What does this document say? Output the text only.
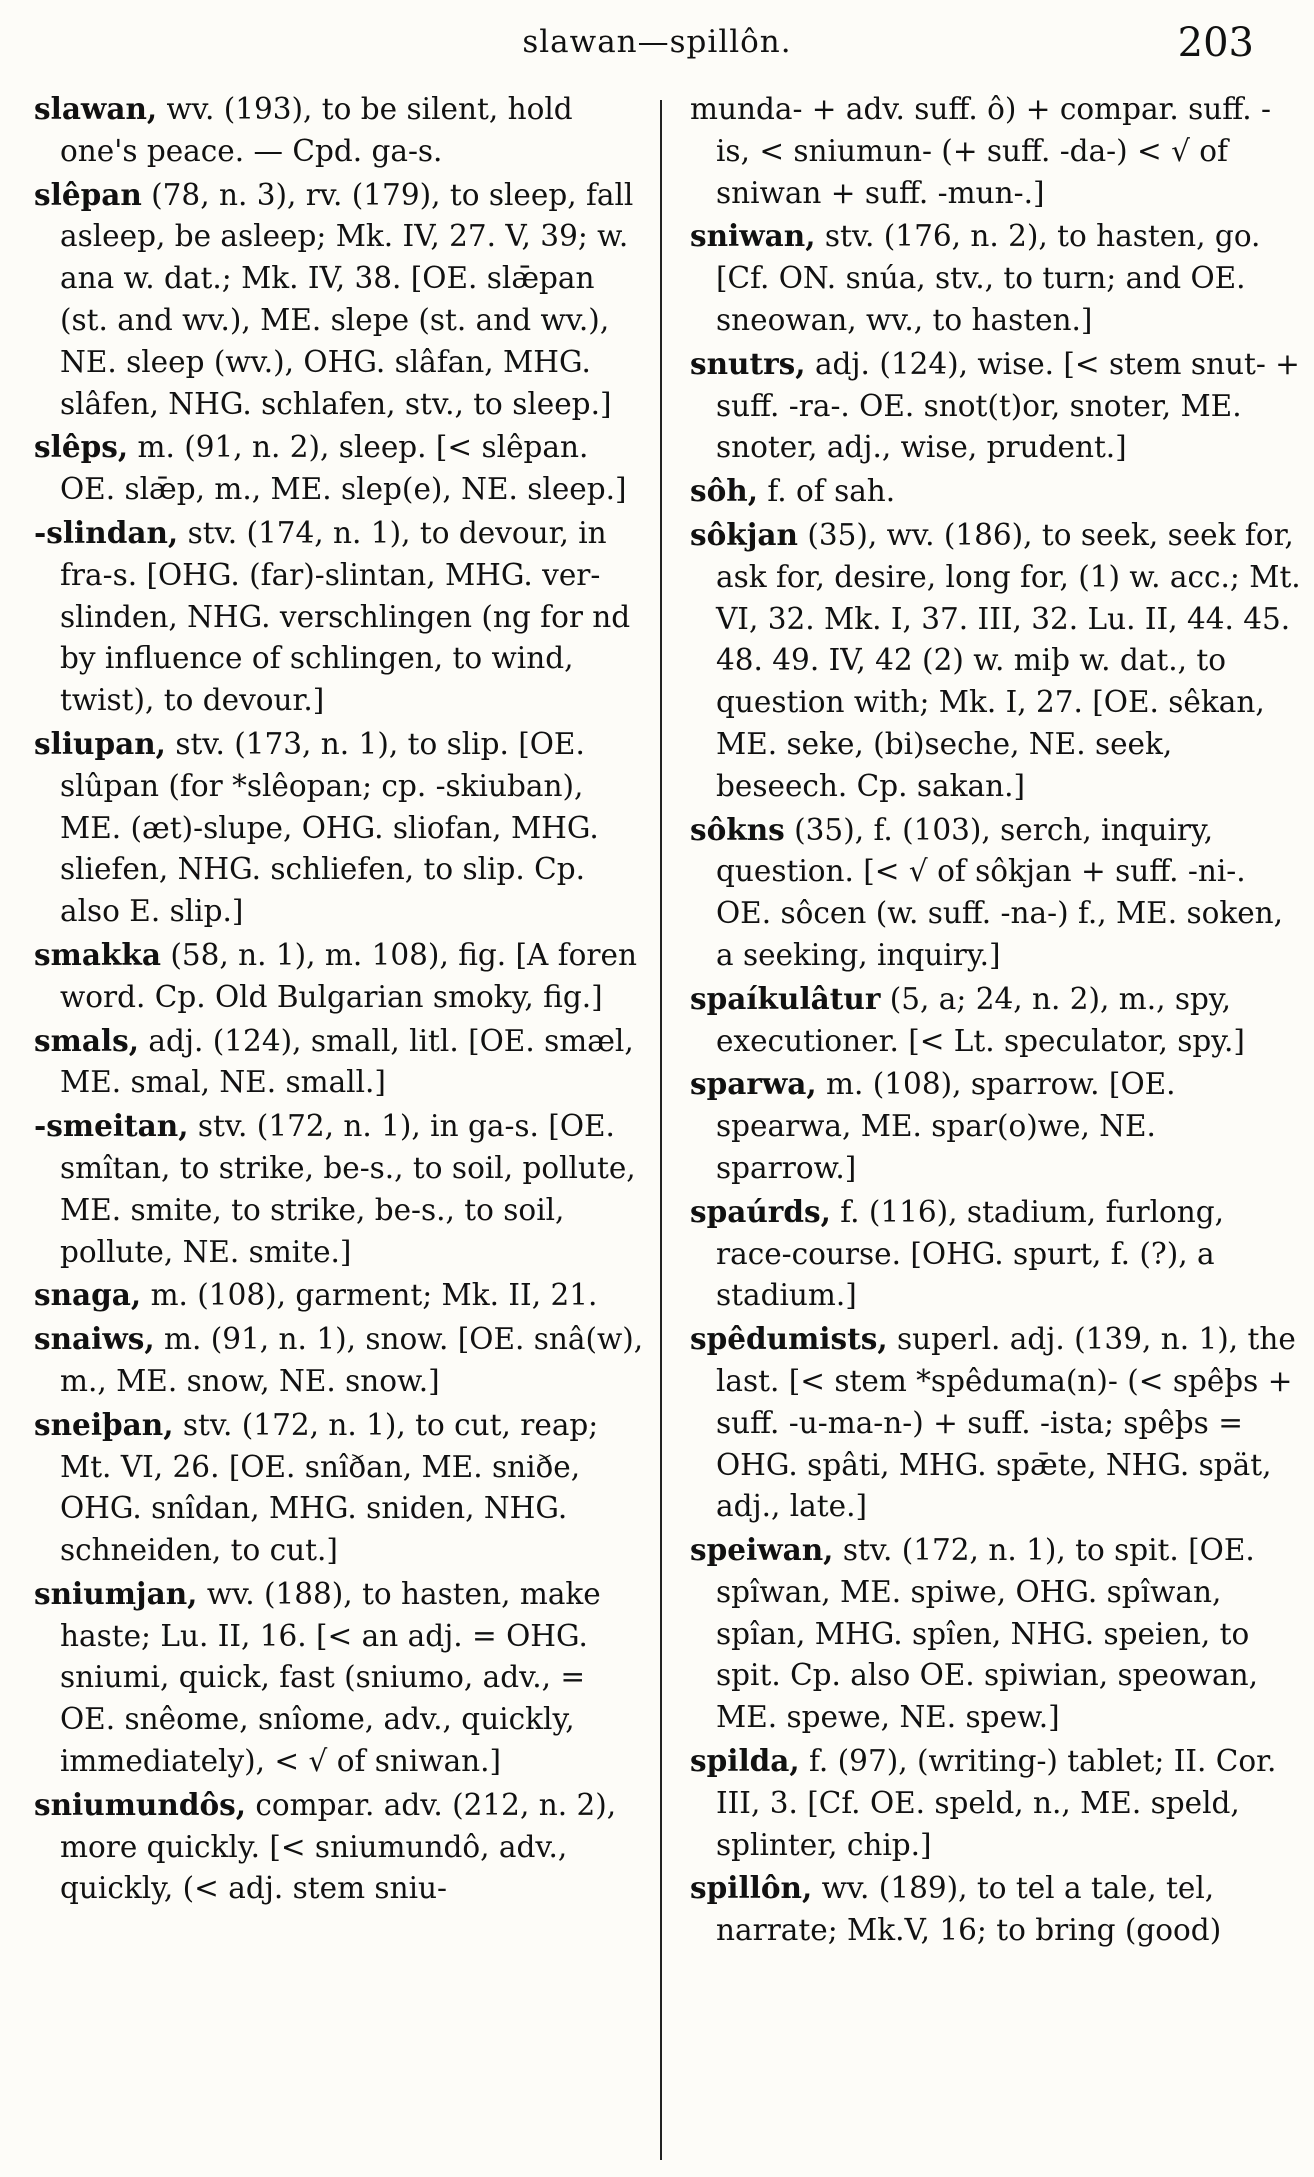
slawan—spillôn.	203

slawan, wv. (193), to be silent, hold one's peace. — Cpd. ga-s.

slêpan (78, n. 3), rv. (179), to sleep, fall asleep, be asleep; Mk. IV, 27. V, 39; w. ana w. dat.; Mk. IV, 38. [OE. slǣpan (st. and wv.), ME. slepe (st. and wv.), NE. sleep (wv.), OHG. slâfan, MHG. slâfen, NHG. schlafen, stv., to sleep.]

slêps, m. (91, n. 2), sleep. [< slêpan. OE. slǣp, m., ME. slep(e), NE. sleep.]

-slindan, stv. (174, n. 1), to devour, in fra-s. [OHG. (far)-slintan, MHG. ver-slinden, NHG. verschlingen (ng for nd by influence of schlingen, to wind, twist), to devour.]

sliupan, stv. (173, n. 1), to slip. [OE. slûpan (for *slêopan; cp. -skiuban), ME. (æt)-slupe, OHG. sliofan, MHG. sliefen, NHG. schliefen, to slip. Cp. also E. slip.]

smakka (58, n. 1), m. 108), fig. [A foren word. Cp. Old Bulgarian smoky, fig.]

smals, adj. (124), small, litl. [OE. smæl, ME. smal, NE. small.]

-smeitan, stv. (172, n. 1), in ga-s. [OE. smîtan, to strike, be-s., to soil, pollute, ME. smite, to strike, be-s., to soil, pollute, NE. smite.]

snaga, m. (108), garment; Mk. II, 21.

snaiws, m. (91, n. 1), snow. [OE. snâ(w), m., ME. snow, NE. snow.]

sneiþan, stv. (172, n. 1), to cut, reap; Mt. VI, 26. [OE. snîðan, ME. sniðe, OHG. snîdan, MHG. sniden, NHG. schneiden, to cut.]

sniumjan, wv. (188), to hasten, make haste; Lu. II, 16. [< an adj. = OHG. sniumi, quick, fast (sniumo, adv., = OE. snêome, snîome, adv., quickly, immediately), < √ of sniwan.]

sniumundôs, compar. adv. (212, n. 2), more quickly. [< sniumundô, adv., quickly, (< adj. stem sniu-

munda- + adv. suff. ô) + compar. suff. -is, < sniumun- (+ suff. -da-) < √ of sniwan + suff. -mun-.]

sniwan, stv. (176, n. 2), to hasten, go. [Cf. ON. snúa, stv., to turn; and OE. sneowan, wv., to hasten.]

snutrs, adj. (124), wise. [< stem snut- + suff. -ra-. OE. snot(t)or, snoter, ME. snoter, adj., wise, prudent.]

sôh, f. of sah.

sôkjan (35), wv. (186), to seek, seek for, ask for, desire, long for, (1) w. acc.; Mt. VI, 32. Mk. I, 37. III, 32. Lu. II, 44. 45. 48. 49. IV, 42 (2) w. miþ w. dat., to question with; Mk. I, 27. [OE. sêkan, ME. seke, (bi)seche, NE. seek, beseech. Cp. sakan.]

sôkns (35), f. (103), serch, inquiry, question. [< √ of sôkjan + suff. -ni-. OE. sôcen (w. suff. -na-) f., ME. soken, a seeking, inquiry.]

spaíkulâtur (5, a; 24, n. 2), m., spy, executioner. [< Lt. speculator, spy.]

sparwa, m. (108), sparrow. [OE. spearwa, ME. spar(o)we, NE. sparrow.]

spaúrds, f. (116), stadium, furlong, race-course. [OHG. spurt, f. (?), a stadium.]

spêdumists, superl. adj. (139, n. 1), the last. [< stem *spêduma(n)- (< spêþs + suff. -u-ma-n-) + suff. -ista; spêþs = OHG. spâti, MHG. spǣte, NHG. spät, adj., late.]

speiwan, stv. (172, n. 1), to spit. [OE. spîwan, ME. spiwe, OHG. spîwan, spîan, MHG. spîen, NHG. speien, to spit. Cp. also OE. spiwian, speowan, ME. spewe, NE. spew.]

spilda, f. (97), (writing-) tablet; II. Cor. III, 3. [Cf. OE. speld, n., ME. speld, splinter, chip.]

spillôn, wv. (189), to tel a tale, tel, narrate; Mk.V, 16; to bring (good)
